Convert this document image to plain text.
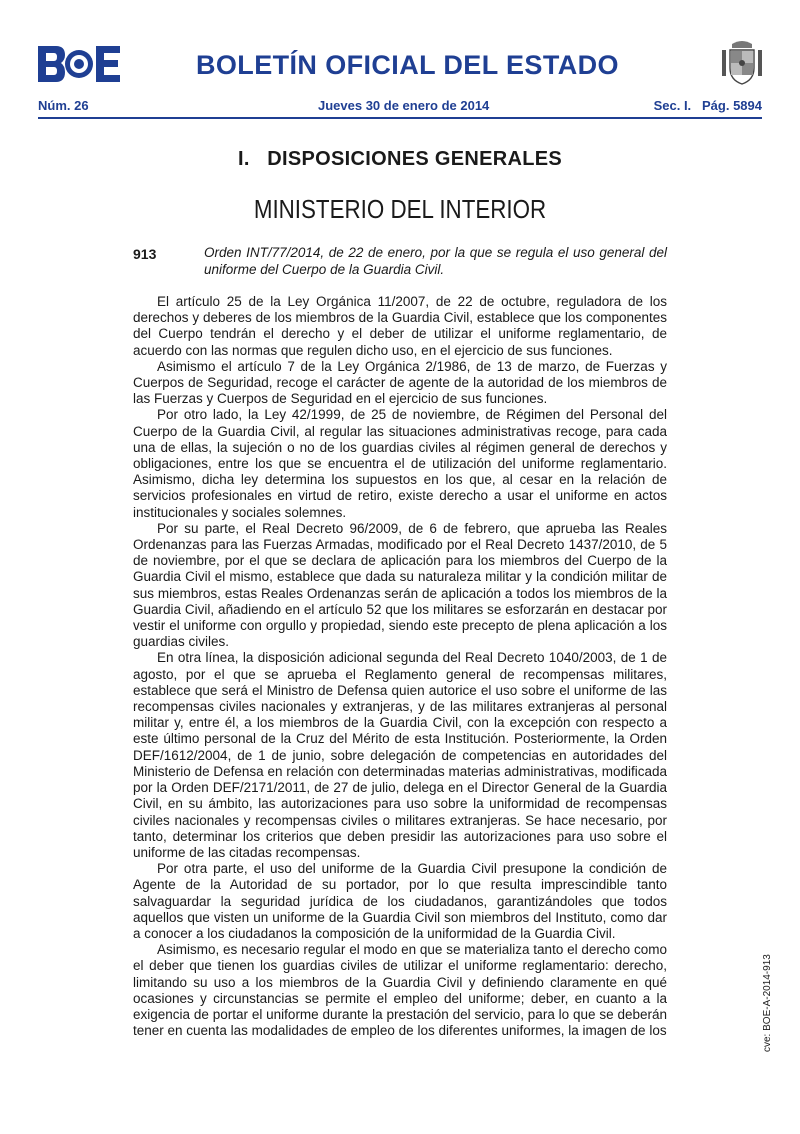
BOLETÍN OFICIAL DEL ESTADO
Núm. 26	Jueves 30 de enero de 2014	Sec. I.   Pág. 5894
I.   DISPOSICIONES GENERALES
MINISTERIO DEL INTERIOR
913	Orden INT/77/2014, de 22 de enero, por la que se regula el uso general del uniforme del Cuerpo de la Guardia Civil.

El artículo 25 de la Ley Orgánica 11/2007, de 22 de octubre, reguladora de los derechos y deberes de los miembros de la Guardia Civil, establece que los componentes del Cuerpo tendrán el derecho y el deber de utilizar el uniforme reglamentario, de acuerdo con las normas que regulen dicho uso, en el ejercicio de sus funciones.

Asimismo el artículo 7 de la Ley Orgánica 2/1986, de 13 de marzo, de Fuerzas y Cuerpos de Seguridad, recoge el carácter de agente de la autoridad de los miembros de las Fuerzas y Cuerpos de Seguridad en el ejercicio de sus funciones.

Por otro lado, la Ley 42/1999, de 25 de noviembre, de Régimen del Personal del Cuerpo de la Guardia Civil, al regular las situaciones administrativas recoge, para cada una de ellas, la sujeción o no de los guardias civiles al régimen general de derechos y obligaciones, entre los que se encuentra el de utilización del uniforme reglamentario. Asimismo, dicha ley determina los supuestos en los que, al cesar en la relación de servicios profesionales en virtud de retiro, existe derecho a usar el uniforme en actos institucionales y sociales solemnes.

Por su parte, el Real Decreto 96/2009, de 6 de febrero, que aprueba las Reales Ordenanzas para las Fuerzas Armadas, modificado por el Real Decreto 1437/2010, de 5 de noviembre, por el que se declara de aplicación para los miembros del Cuerpo de la Guardia Civil el mismo, establece que dada su naturaleza militar y la condición militar de sus miembros, estas Reales Ordenanzas serán de aplicación a todos los miembros de la Guardia Civil, añadiendo en el artículo 52 que los militares se esforzarán en destacar por vestir el uniforme con orgullo y propiedad, siendo este precepto de plena aplicación a los guardias civiles.

En otra línea, la disposición adicional segunda del Real Decreto 1040/2003, de 1 de agosto, por el que se aprueba el Reglamento general de recompensas militares, establece que será el Ministro de Defensa quien autorice el uso sobre el uniforme de las recompensas civiles nacionales y extranjeras, y de las militares extranjeras al personal militar y, entre él, a los miembros de la Guardia Civil, con la excepción con respecto a este último personal de la Cruz del Mérito de esta Institución. Posteriormente, la Orden DEF/1612/2004, de 1 de junio, sobre delegación de competencias en autoridades del Ministerio de Defensa en relación con determinadas materias administrativas, modificada por la Orden DEF/2171/2011, de 27 de julio, delega en el Director General de la Guardia Civil, en su ámbito, las autorizaciones para uso sobre la uniformidad de recompensas civiles nacionales y recompensas civiles o militares extranjeras. Se hace necesario, por tanto, determinar los criterios que deben presidir las autorizaciones para uso sobre el uniforme de las citadas recompensas.

Por otra parte, el uso del uniforme de la Guardia Civil presupone la condición de Agente de la Autoridad de su portador, por lo que resulta imprescindible tanto salvaguardar la seguridad jurídica de los ciudadanos, garantizándoles que todos aquellos que visten un uniforme de la Guardia Civil son miembros del Instituto, como dar a conocer a los ciudadanos la composición de la uniformidad de la Guardia Civil.

Asimismo, es necesario regular el modo en que se materializa tanto el derecho como el deber que tienen los guardias civiles de utilizar el uniforme reglamentario: derecho, limitando su uso a los miembros de la Guardia Civil y definiendo claramente en qué ocasiones y circunstancias se permite el empleo del uniforme; deber, en cuanto a la exigencia de portar el uniforme durante la prestación del servicio, para lo que se deberán tener en cuenta las modalidades de empleo de los diferentes uniformes, la imagen de los	cve: BOE-A-2014-913
